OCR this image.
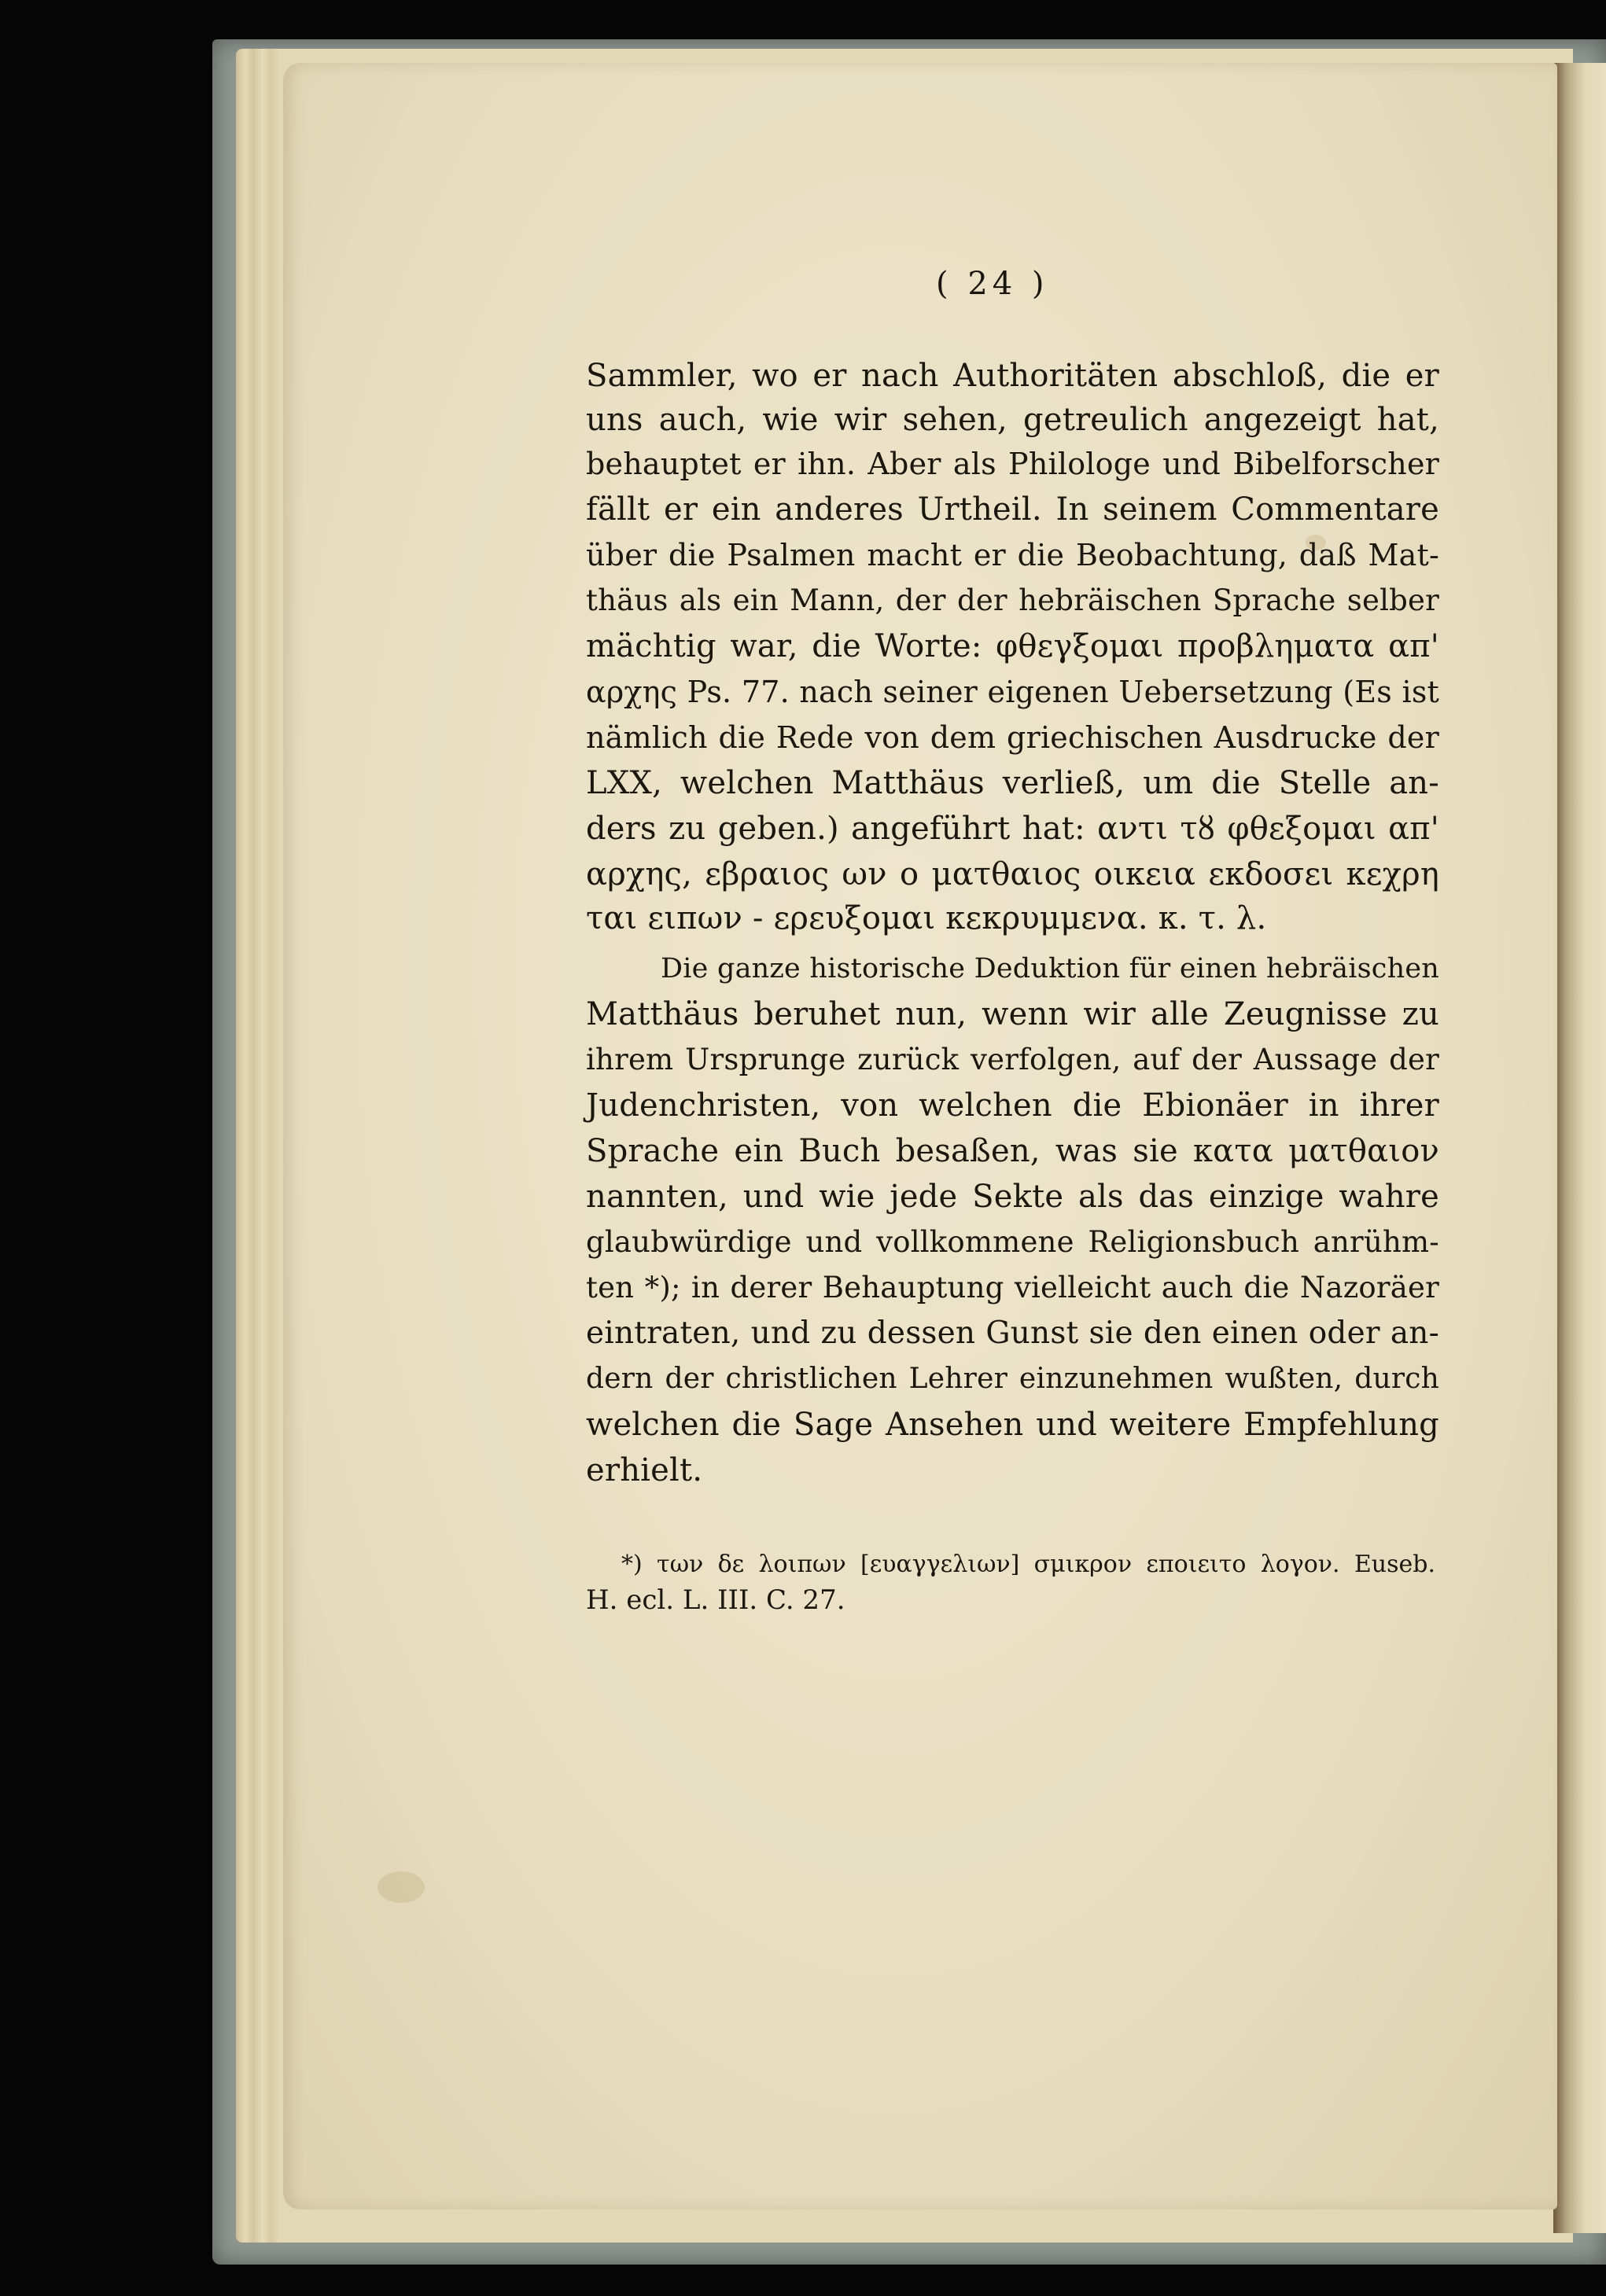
( 24 )
Sammler, wo er nach Authoritäten abschloß, die er
uns auch, wie wir sehen, getreulich angezeigt hat,
behauptet er ihn. Aber als Philologe und Bibelforscher
fällt er ein anderes Urtheil. In seinem Commentare
über die Psalmen macht er die Beobachtung, daß Mat-
thäus als ein Mann, der der hebräischen Sprache selber
mächtig war, die Worte: φθεγξομαι προβληματα απ'
αρχης Ps. 77. nach seiner eigenen Uebersetzung (Es ist
nämlich die Rede von dem griechischen Ausdrucke der
LXX, welchen Matthäus verließ, um die Stelle an-
ders zu geben.) angeführt hat: αντι τȣ φθεξομαι απ'
αρχης, εβραιος ων ο ματθαιος οικεια εκδοσει κεχρη
ται ειπων - ερευξομαι κεκρυμμενα. κ. τ. λ.
Die ganze historische Deduktion für einen hebräischen
Matthäus beruhet nun, wenn wir alle Zeugnisse zu
ihrem Ursprunge zurück verfolgen, auf der Aussage der
Judenchristen, von welchen die Ebionäer in ihrer
Sprache ein Buch besaßen, was sie κατα ματθαιον
nannten, und wie jede Sekte als das einzige wahre
glaubwürdige und vollkommene Religionsbuch anrühm-
ten *); in derer Behauptung vielleicht auch die Nazoräer
eintraten, und zu dessen Gunst sie den einen oder an-
dern der christlichen Lehrer einzunehmen wußten, durch
welchen die Sage Ansehen und weitere Empfehlung
erhielt.
*) των δε λοιπων [ευαγγελιων] σμικρον εποιειτο λογον. Euseb.
H. ecl. L. III. C. 27.
